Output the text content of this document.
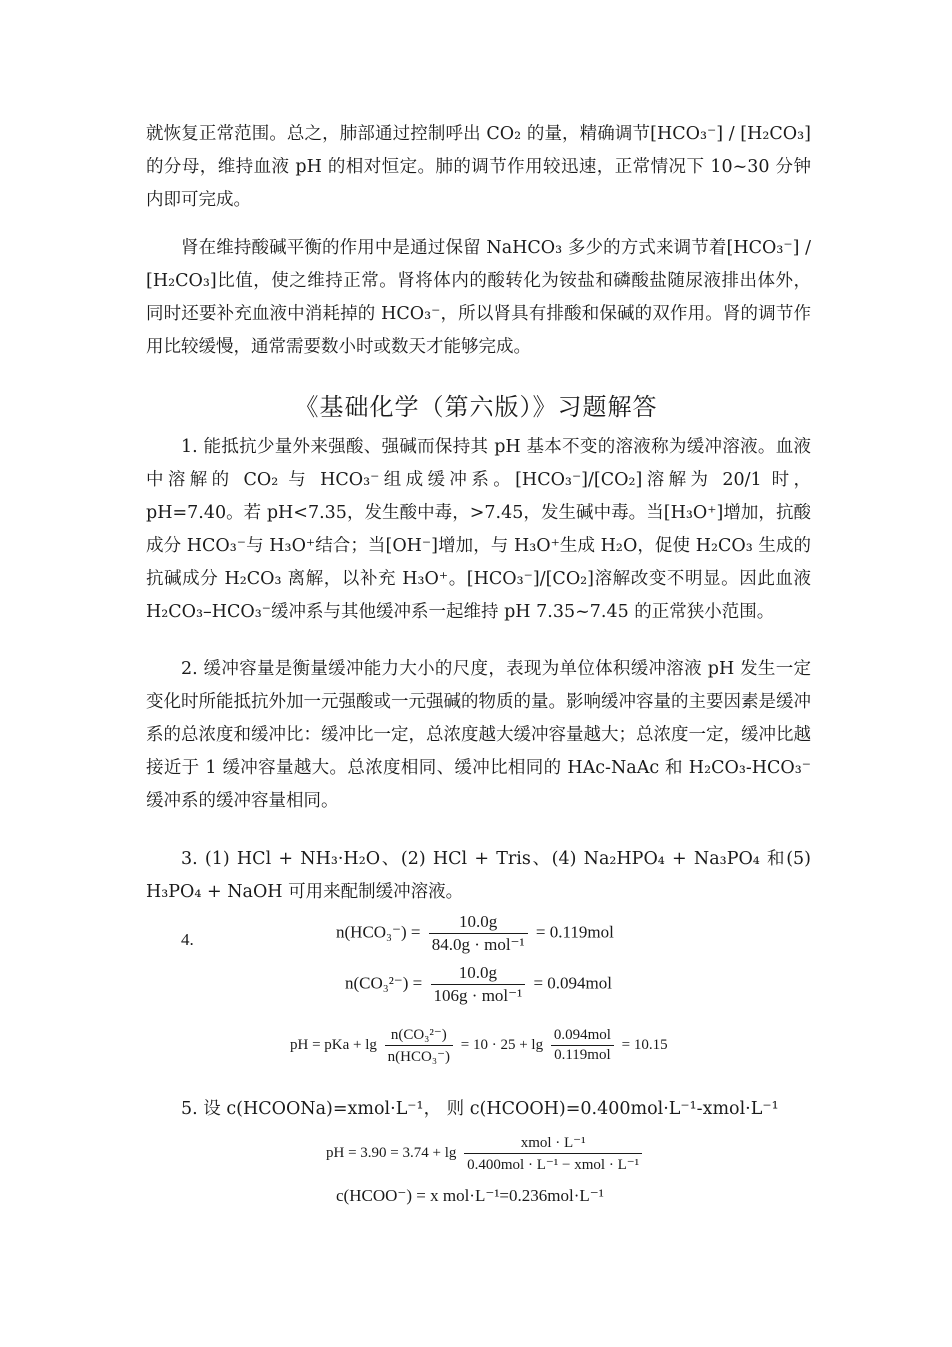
就恢复正常范围。总之，肺部通过控制呼出 CO₂ 的量，精确调节[HCO₃⁻] / [H₂CO₃]的分母，维持血液 pH 的相对恒定。肺的调节作用较迅速，正常情况下 10~30 分钟内即可完成。

肾在维持酸碱平衡的作用中是通过保留 NaHCO₃ 多少的方式来调节着[HCO₃⁻] / [H₂CO₃]比值，使之维持正常。肾将体内的酸转化为铵盐和磷酸盐随尿液排出体外，同时还要补充血液中消耗掉的 HCO₃⁻，所以肾具有排酸和保碱的双作用。肾的调节作用比较缓慢，通常需要数小时或数天才能够完成。

《基础化学（第六版）》习题解答

1. 能抵抗少量外来强酸、强碱而保持其 pH 基本不变的溶液称为缓冲溶液。血液中溶解的 CO₂ 与 HCO₃⁻组成缓冲系。[HCO₃⁻]/[CO₂]溶解为 20/1 时，pH=7.40。若 pH<7.35，发生酸中毒，>7.45，发生碱中毒。当[H₃O⁺]增加，抗酸成分 HCO₃⁻与 H₃O⁺结合；当[OH⁻]增加，与 H₃O⁺生成 H₂O，促使 H₂CO₃ 生成的抗碱成分 H₂CO₃ 离解，以补充 H₃O⁺。[HCO₃⁻]/[CO₂]溶解改变不明显。因此血液 H₂CO₃–HCO₃⁻缓冲系与其他缓冲系一起维持 pH 7.35~7.45 的正常狭小范围。

2. 缓冲容量是衡量缓冲能力大小的尺度，表现为单位体积缓冲溶液 pH 发生一定变化时所能抵抗外加一元强酸或一元强碱的物质的量。影响缓冲容量的主要因素是缓冲系的总浓度和缓冲比：缓冲比一定，总浓度越大缓冲容量越大；总浓度一定，缓冲比越接近于 1 缓冲容量越大。总浓度相同、缓冲比相同的 HAc-NaAc 和 H₂CO₃-HCO₃⁻缓冲系的缓冲容量相同。

3. (1) HCl + NH₃·H₂O、(2) HCl + Tris、(4) Na₂HPO₄ + Na₃PO₄ 和(5) H₃PO₄ + NaOH 可用来配制缓冲溶液。

4.	$n(HCO_3^-) = \frac{10.0g}{\text{84.0g · mol⁻¹}} = 0.119mol$
$n(CO_3^{2-}) = \frac{10.0g}{\text{106g · mol⁻¹}} = 0.094mol$
pH = pKa + $\lg \frac{\text{n(CO₃²⁻)}}{\text{n(HCO₃⁻)}} = 10 \cdot 25 + \lg \frac{\text{0.094mol}}{\text{0.119mol}} = 10.15$

5. 设 c(HCOONa)=xmol·L⁻¹， 则 c(HCOOH)=0.400mol·L⁻¹-xmol·L⁻¹

pH = $3.90 = 3.74 + \lg \frac{\text{xmol · L⁻¹}}{\text{0.400mol · L⁻¹ − xmol · L⁻¹}}$
c(HCOO⁻) = x mol·L⁻¹=0.236mol·L⁻¹
